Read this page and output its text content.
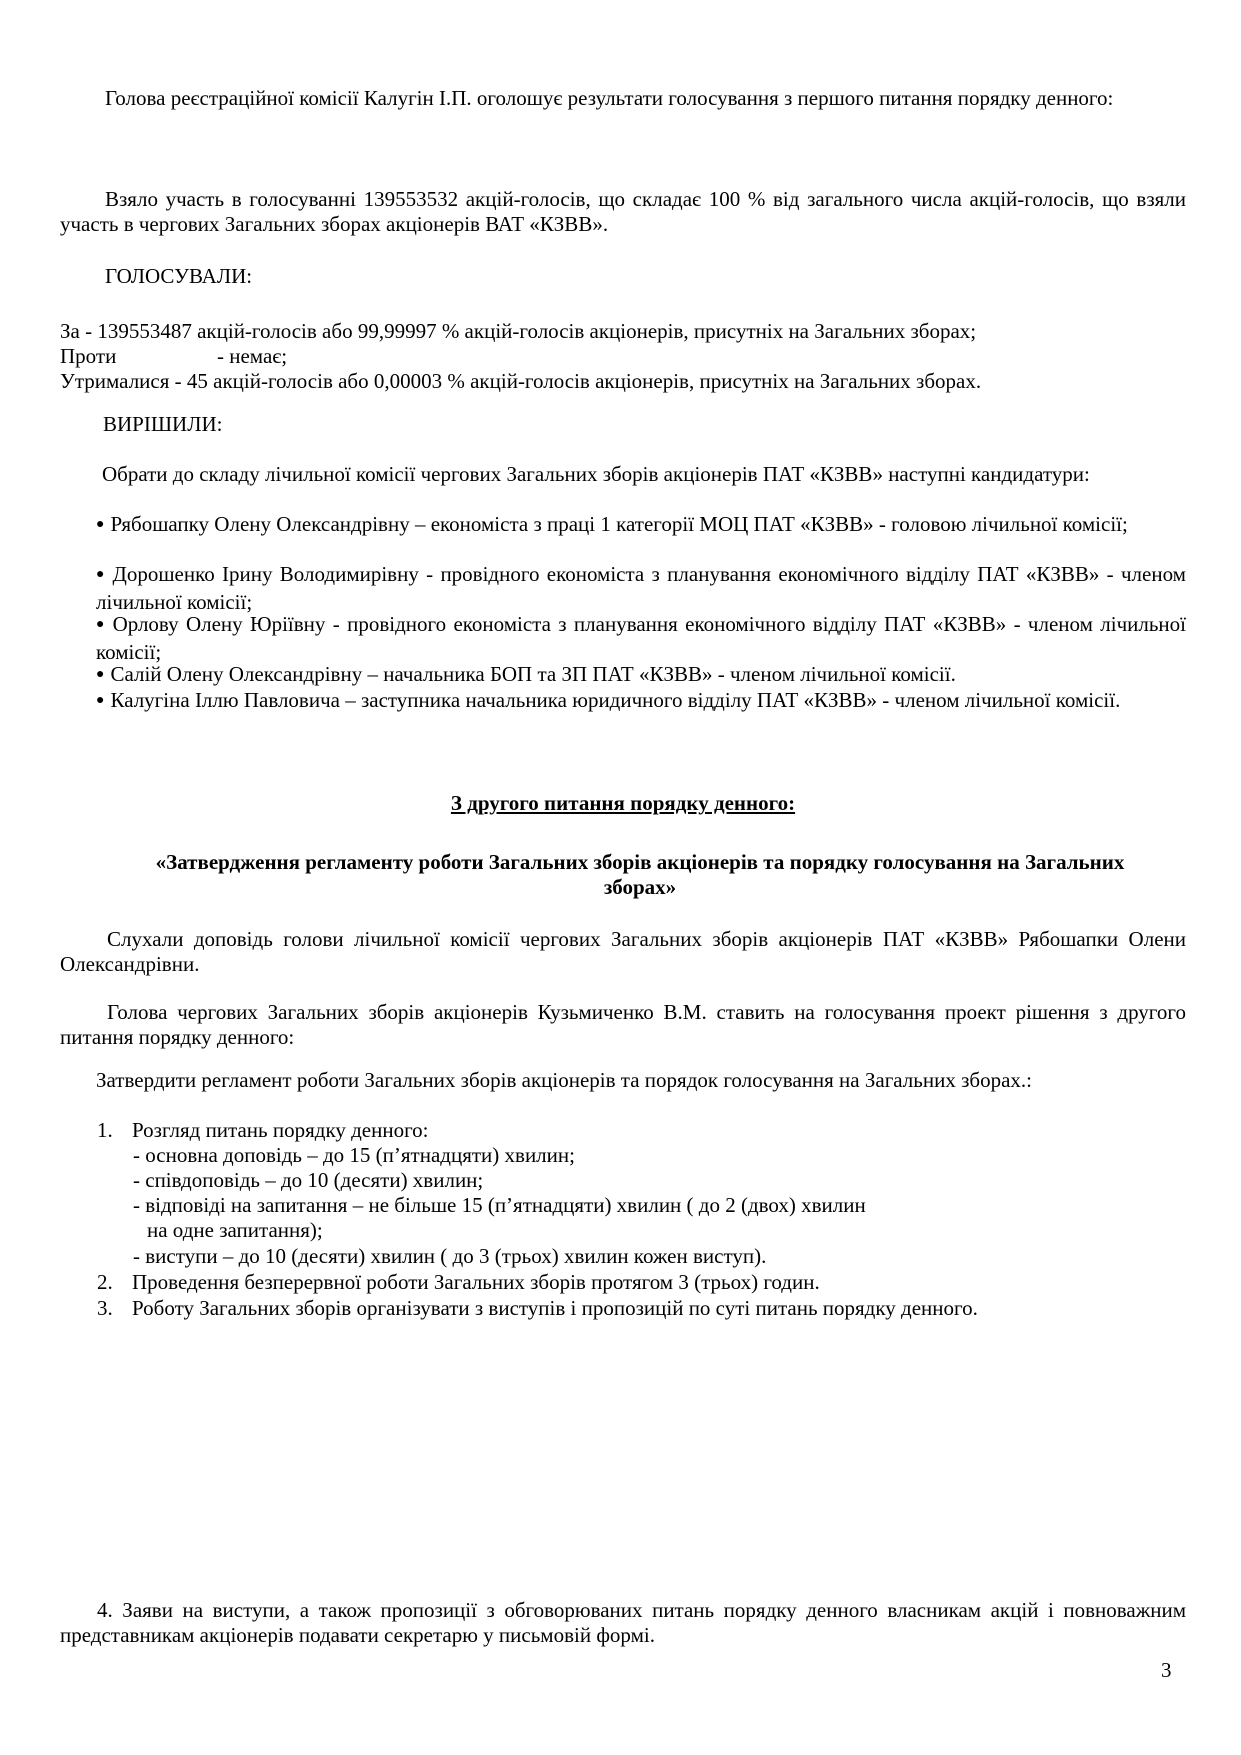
Голова реєстраційної комісії Калугін І.П. оголошує результати голосування з першого питання порядку денного:

Взяло участь в голосуванні 139553532 акцій-голосів, що складає 100 % від загального числа акцій-голосів, що взяли участь в чергових Загальних зборах акціонерів ВАТ «КЗВВ».

ГОЛОСУВАЛИ:
За - 139553487 акцій-голосів або 99,99997 % акцій-голосів акціонерів, присутніх на Загальних зборах;
Проти	- немає;
Утрималися - 45 акцій-голосів або 0,00003 % акцій-голосів акціонерів, присутніх на Загальних зборах.
ВИРІШИЛИ:

Обрати до складу лічильної комісії чергових Загальних зборів акціонерів ПАТ «КЗВВ» наступні кандидатури:

● Рябошапку Олену Олександрівну – економіста з праці 1 категорії МОЦ ПАТ «КЗВВ» - головою лічильної комісії;

● Дорошенко Ірину Володимирівну - провідного економіста з планування економічного відділу ПАТ «КЗВВ» - членом лічильної комісії;

● Орлову Олену Юріївну - провідного економіста з планування економічного відділу ПАТ «КЗВВ» - членом лічильної комісії;

● Салій Олену Олександрівну – начальника БОП та ЗП ПАТ «КЗВВ» - членом лічильної комісії.

● Калугіна Іллю Павловича – заступника начальника юридичного відділу ПАТ «КЗВВ» - членом лічильної комісії.

З другого питання порядку денного:

«Затвердження регламенту роботи Загальних зборів акціонерів та порядку голосування на Загальних зборах»

Слухали доповідь голови лічильної комісії чергових Загальних зборів акціонерів ПАТ «КЗВВ» Рябошапки Олени Олександрівни.

Голова чергових Загальних зборів акціонерів Кузьмиченко В.М. ставить на голосування проект рішення з другого питання порядку денного:

Затвердити регламент роботи Загальних зборів акціонерів та порядок голосування на Загальних зборах.:

1. Розгляд питань порядку денного:
- основна доповідь – до 15 (п’ятнадцяти) хвилин;
- співдоповідь – до 10 (десяти) хвилин;
- відповіді на запитання – не більше 15 (п’ятнадцяти) хвилин ( до 2 (двох) хвилин
на одне запитання);
- виступи – до 10 (десяти) хвилин ( до 3 (трьох) хвилин кожен виступ).
2. Проведення безперервної роботи Загальних зборів протягом 3 (трьох) годин.
3. Роботу Загальних зборів організувати з виступів і пропозицій по суті питань порядку денного.

4. Заяви на виступи, а також пропозиції з обговорюваних питань порядку денного власникам акцій і повноважним представникам акціонерів подавати секретарю у письмовій формі.

3
